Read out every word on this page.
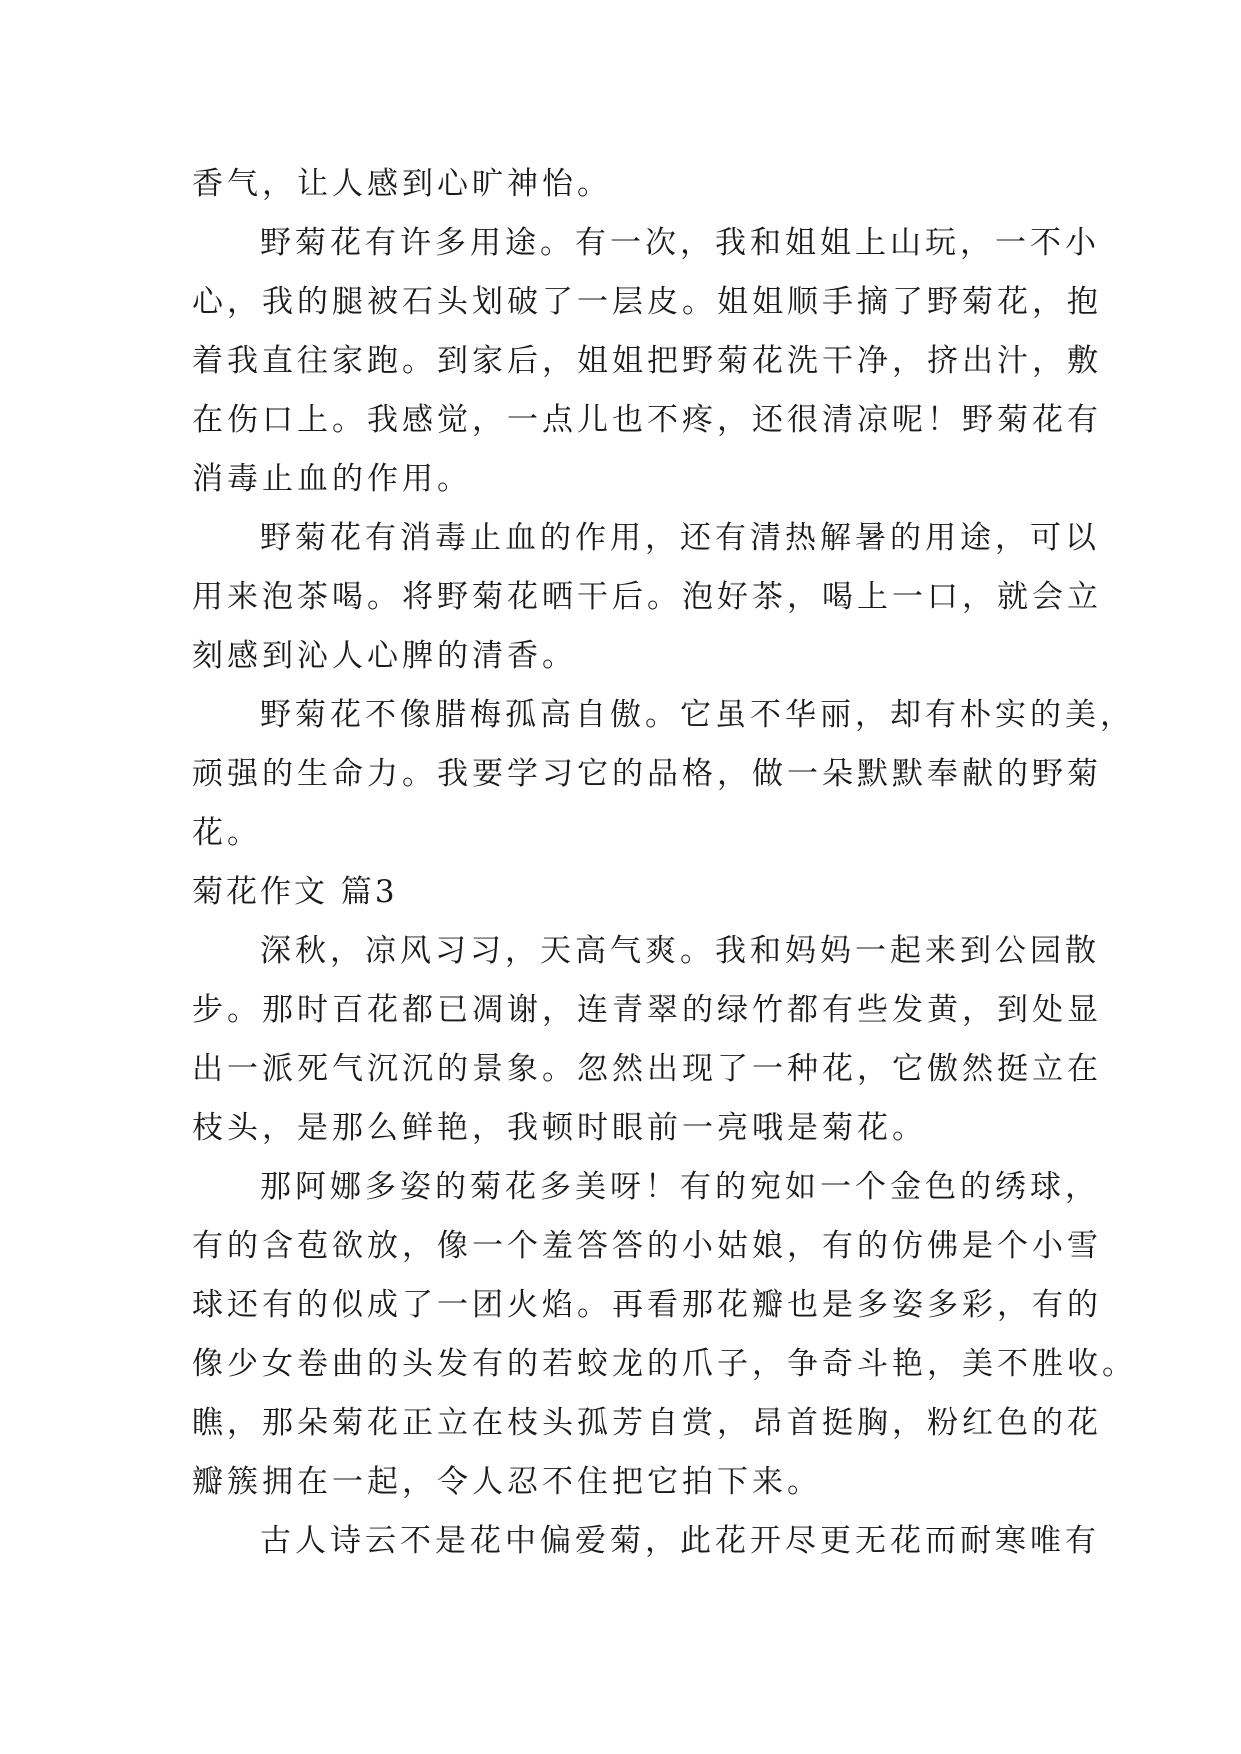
香气，让人感到心旷神怡。
野菊花有许多用途。有一次，我和姐姐上山玩，一不小
心，我的腿被石头划破了一层皮。姐姐顺手摘了野菊花，抱
着我直往家跑。到家后，姐姐把野菊花洗干净，挤出汁，敷
在伤口上。我感觉，一点儿也不疼，还很清凉呢！野菊花有
消毒止血的作用。
野菊花有消毒止血的作用，还有清热解暑的用途，可以
用来泡茶喝。将野菊花晒干后。泡好茶，喝上一口，就会立
刻感到沁人心脾的清香。
野菊花不像腊梅孤高自傲。它虽不华丽，却有朴实的美，
顽强的生命力。我要学习它的品格，做一朵默默奉献的野菊
花。
菊花作文 篇3
深秋，凉风习习，天高气爽。我和妈妈一起来到公园散
步。那时百花都已凋谢，连青翠的绿竹都有些发黄，到处显
出一派死气沉沉的景象。忽然出现了一种花，它傲然挺立在
枝头，是那么鲜艳，我顿时眼前一亮哦是菊花。
那阿娜多姿的菊花多美呀！有的宛如一个金色的绣球，
有的含苞欲放，像一个羞答答的小姑娘，有的仿佛是个小雪
球还有的似成了一团火焰。再看那花瓣也是多姿多彩，有的
像少女卷曲的头发有的若蛟龙的爪子，争奇斗艳，美不胜收。
瞧，那朵菊花正立在枝头孤芳自赏，昂首挺胸，粉红色的花
瓣簇拥在一起，令人忍不住把它拍下来。
古人诗云不是花中偏爱菊，此花开尽更无花而耐寒唯有
